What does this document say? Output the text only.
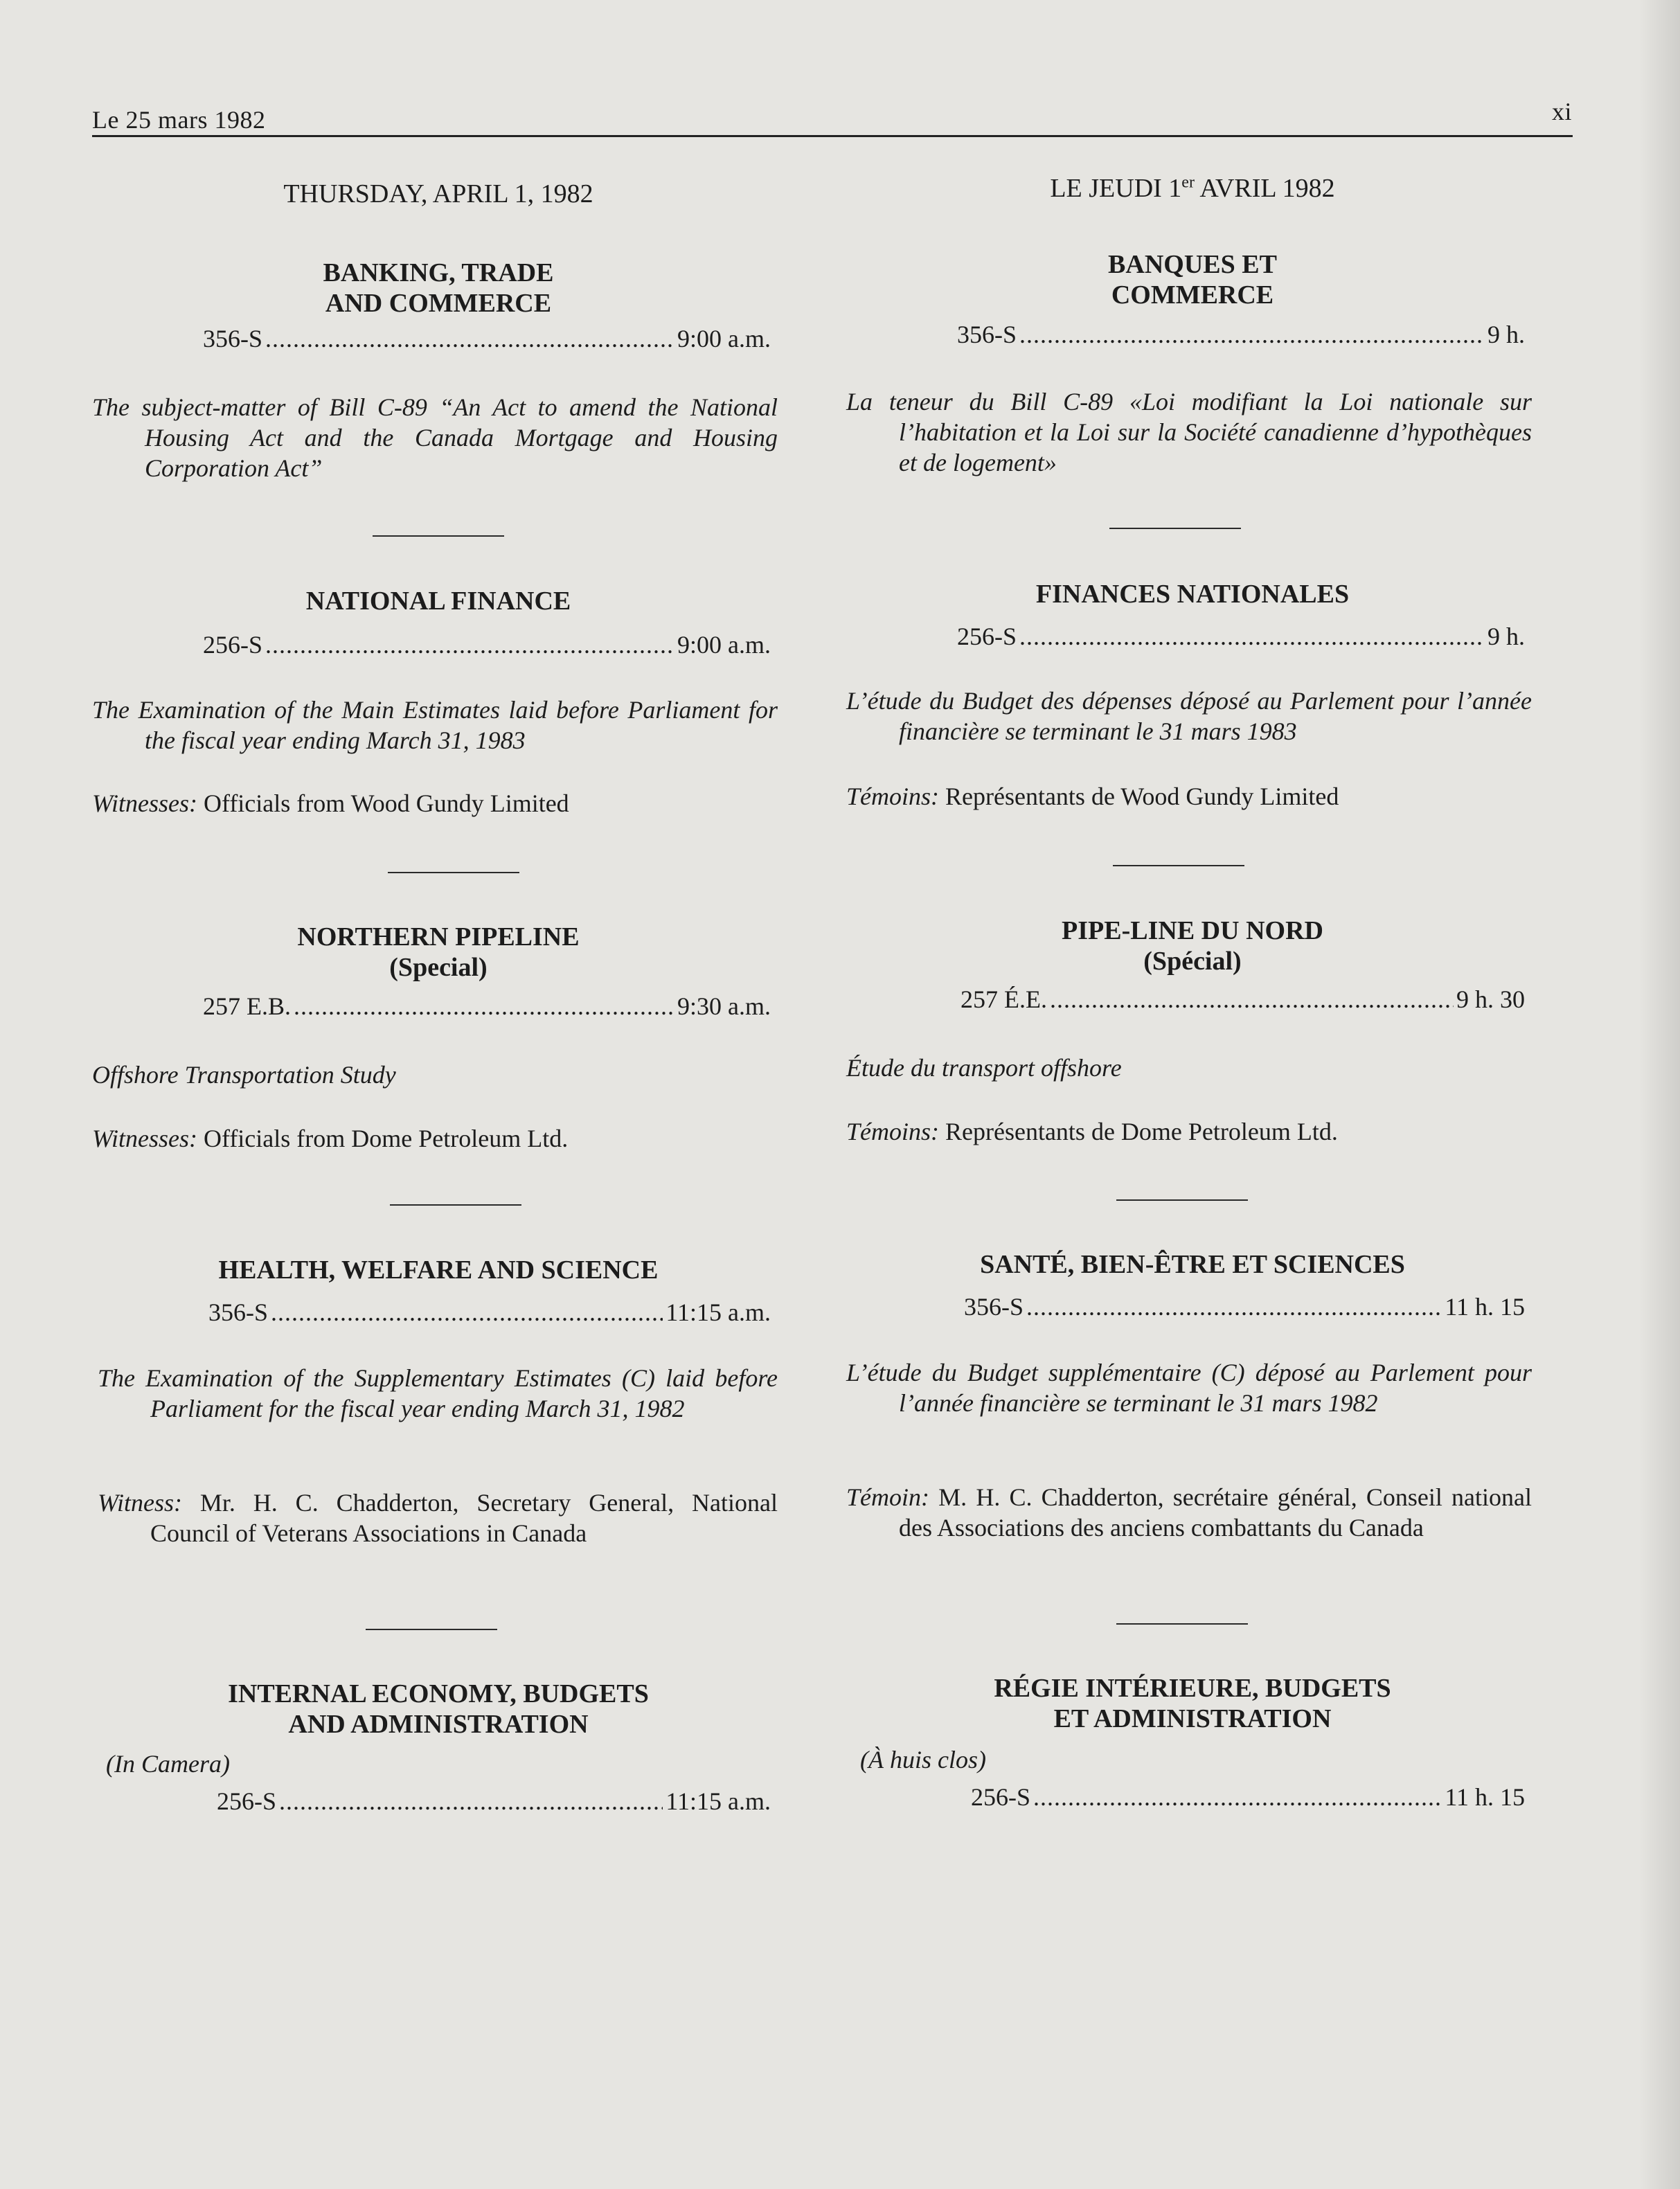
Le 25 mars 1982	xi
THURSDAY, APRIL 1, 1982
BANKING, TRADE
AND COMMERCE
356-S .....	9:00 a.m.
The subject-matter of Bill C-89 “An Act to amend the National Housing Act and the Canada Mortgage and Housing Corporation Act”
NATIONAL FINANCE
256-S .....	9:00 a.m.
The Examination of the Main Estimates laid before Parliament for the fiscal year ending March 31, 1983
Witnesses: Officials from Wood Gundy Limited
NORTHERN PIPELINE
(Special)
257 E.B. .....	9:30 a.m.
Offshore Transportation Study
Witnesses: Officials from Dome Petroleum Ltd.
HEALTH, WELFARE AND SCIENCE
356-S .....	11:15 a.m.
The Examination of the Supplementary Estimates (C) laid before Parliament for the fiscal year ending March 31, 1982
Witness: Mr. H. C. Chadderton, Secretary General, National Council of Veterans Associations in Canada
INTERNAL ECONOMY, BUDGETS
AND ADMINISTRATION
(In Camera)
256-S .....	11:15 a.m.
LE JEUDI 1er AVRIL 1982
BANQUES ET
COMMERCE
356-S .....	9 h.
La teneur du Bill C-89 «Loi modifiant la Loi nationale sur l’habitation et la Loi sur la Société canadienne d’hypothèques et de logement»
FINANCES NATIONALES
256-S .....	9 h.
L’étude du Budget des dépenses déposé au Parlement pour l’année financière se terminant le 31 mars 1983
Témoins: Représentants de Wood Gundy Limited
PIPE-LINE DU NORD
(Spécial)
257 É.E. .....	9 h. 30
Étude du transport offshore
Témoins: Représentants de Dome Petroleum Ltd.
SANTÉ, BIEN-ÊTRE ET SCIENCES
356-S .....	11 h. 15
L’étude du Budget supplémentaire (C) déposé au Parlement pour l’année financière se terminant le 31 mars 1982
Témoin: M. H. C. Chadderton, secrétaire général, Conseil national des Associations des anciens combattants du Canada
RÉGIE INTÉRIEURE, BUDGETS
ET ADMINISTRATION
(À huis clos)
256-S .....	11 h. 15
